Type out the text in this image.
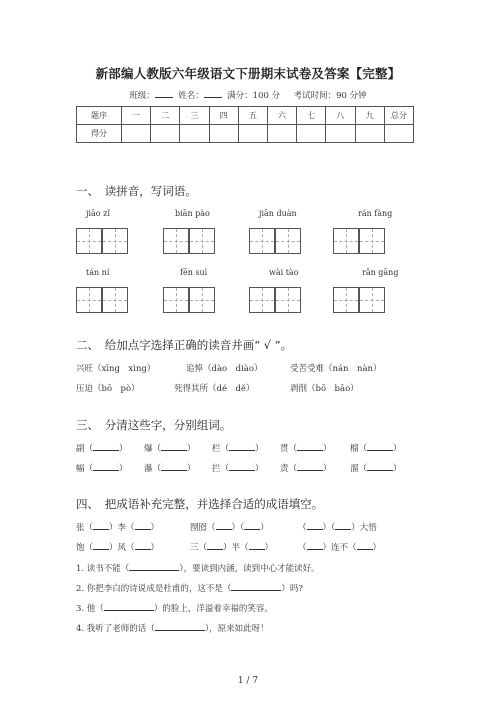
新部编人教版六年级语文下册期末试卷及答案【完整】
班级：	姓名：	满分：100 分 考试时间：90 分钟
题序	一	二	三	四	五	六	七	八	九	总分
得分										
一、　读拼音，写词语。
jiāo zǐ	biān pào	jiān duàn	rán fàng
tán ní	fēn suì	wài tào	rǎn gāng
二、　给加点字选择正确的读音并画“ √ ”。
兴旺（xīng　xìng）	追悼（dào　diào）	受苦受难（nán　nàn）
压迫（bō　pò）	死得其所（dé　dě）	剥削（bō　bāo）
三、　分清这些字，分别组词。
副（	） 爆（	） 栏（	） 贯（	） 榴（	）
幅（	） 瀑（	） 拦（	） 责（	） 溜（	）
四、　把成语补充完整，并选择合适的成语填空。
张（ ）李（ ）	囫囵（ ）（ ）	（ ）（ ）大悟
饱（ ）风（ ）	三（ ）半（ ）	（ ）连不（ ）
1. 读书不能（	），要读到内涵，读到中心才能读好。
2. 你把李白的诗说成是杜甫的，这不是（	）吗?
3. 他（	）的脸上，洋溢着幸福的笑容。
4. 我听了老师的话（	），原来如此呀！
1 / 7
